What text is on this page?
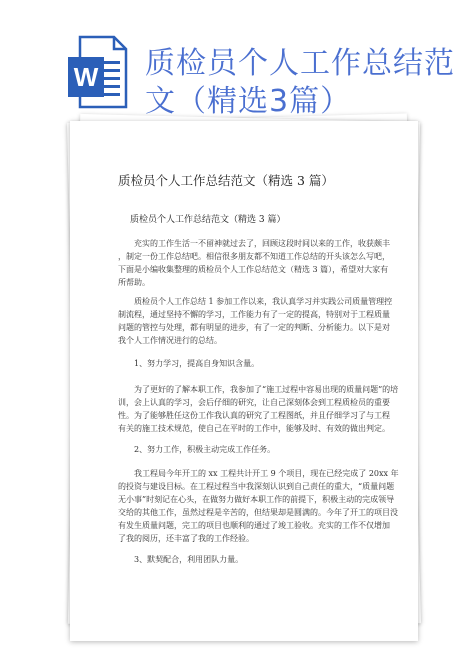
W 质检员个人工作总结范
文（精选3篇）
质检员个人工作总结范文（精选 3 篇）
质检员个人工作总结范文（精选 3 篇）
充实的工作生活一不留神就过去了，回顾这段时间以来的工作，收获颇丰
，制定一份工作总结吧。相信很多朋友都不知道工作总结的开头该怎么写吧，
下面是小编收集整理的质检员个人工作总结范文（精选 3 篇），希望对大家有
所帮助。
质检员个人工作总结 1 参加工作以来，我认真学习并实践公司质量管理控
制流程，通过坚持不懈的学习，工作能力有了一定的提高，特别对于工程质量
问题的管控与处理，都有明显的进步，有了一定的判断、分析能力。以下是对
我个人工作情况进行的总结。
1、努力学习，提高自身知识含量。
为了更好的了解本职工作，我参加了“施工过程中容易出现的质量问题”的培
训，会上认真的学习，会后仔细的研究，让自己深刻体会到工程质检员的重要
性。为了能够胜任这份工作我认真的研究了工程图纸，并且仔细学习了与工程
有关的施工技术规范，使自己在平时的工作中，能够及时、有效的做出判定。
2、努力工作，积极主动完成工作任务。
我工程局今年开工的 xx 工程共计开工 9 个项目，现在已经完成了 20xx 年
的投资与建设目标。在工程过程当中我深刻认识到自己责任的重大，“质量问题
无小事”时刻记在心头，在做努力做好本职工作的前提下，积极主动的完成领导
交给的其他工作，虽然过程是辛苦的，但结果却是圆满的。今年了开工的项目没
有发生质量问题，完工的项目也顺利的通过了竣工验收。充实的工作不仅增加
了我的阅历，还丰富了我的工作经验。
3、默契配合，利用团队力量。
